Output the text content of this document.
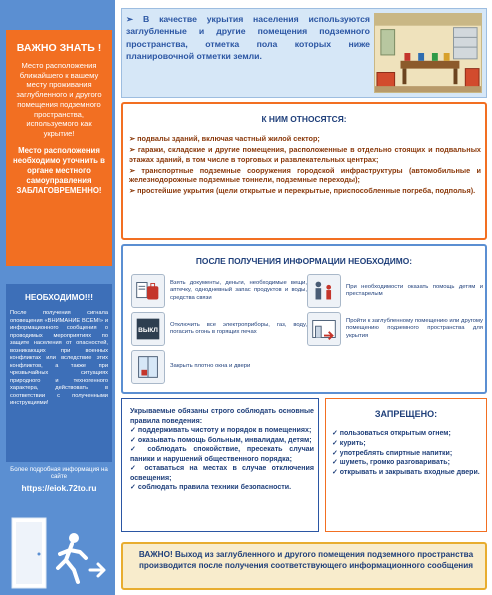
ВАЖНО ЗНАТЬ !
Место расположения ближайшего к вашему месту проживания заглубленного и другого помещения подземного пространства, используемого как укрытие!
Место расположения необходимо уточнить в органе местного самоуправления ЗАБЛАГОВРЕМЕННО!
НЕОБХОДИМО!!!
После получения сигнала оповещения «ВНИМАНИЕ ВСЕМ!» и информационного сообщения о проводимых мероприятиях по защите населения от опасностей, возникающих при военных конфликтах или вследствие этих конфликтов, а также при чрезвычайных ситуациях природного и техногенного характера, действовать в соответствии с полученными инструкциями!
Более подробная информация на сайте
https://eiok.72to.ru
➢ В качестве укрытия населения используются заглубленные и другие помещения подземного пространства, отметка пола которых ниже планировочной отметки земли.
К НИМ ОТНОСЯТСЯ:
➢ подвалы зданий, включая частный жилой сектор;
➢ гаражи, складские и другие помещения, расположенные в отдельно стоящих и подвальных этажах зданий, в том числе в торговых и развлекательных центрах;
➢ транспортные подземные сооружения городской инфраструктуры (автомобильные и железнодорожные подземные тоннели, подземные переходы);
➢ простейшие укрытия (щели открытые и перекрытые, приспособленные погреба, подполья).
ПОСЛЕ ПОЛУЧЕНИЯ ИНФОРМАЦИИ НЕОБХОДИМО:
Взять документы, деньги, необходимые вещи, аптечку, однодневный запас продуктов и воды, средства связи
При необходимости оказать помощь детям и престарелым
ВЫКЛ
Отключить все электроприборы, газ, воду, погасить огонь в горящих печах
Пройти к заглубленному помещению или другому помещению подземного пространства для укрытия
Закрыть плотно окна и двери
Укрываемые обязаны строго соблюдать основные правила поведения:
✓ поддерживать чистоту и порядок в помещениях;
✓ оказывать помощь больным, инвалидам, детям;
✓ соблюдать спокойствие, пресекать случаи паники и нарушений общественного порядка;
✓ оставаться на местах в случае отключения освещения;
✓ соблюдать правила техники безопасности.
ЗАПРЕЩЕНО:
✓ пользоваться открытым огнем;
✓ курить;
✓ употреблять спиртные напитки;
✓ шуметь, громко разговаривать;
✓ открывать и закрывать входные двери.
ВАЖНО! Выход из заглубленного и другого помещения подземного пространства производится после получения соответствующего информационного сообщения
